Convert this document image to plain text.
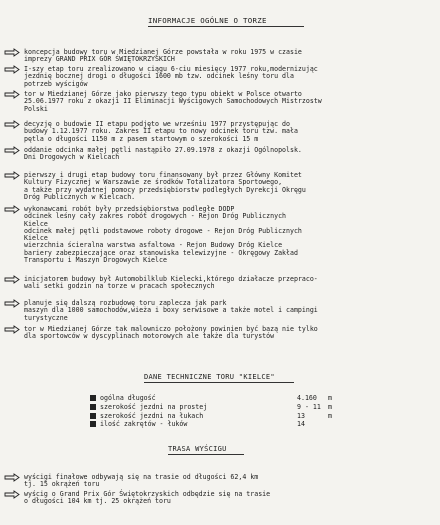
INFORMACJE OGÓLNE O TORZE
koncepcja budowy toru w Miedzianej Górze powstała w roku 1975 w czasie
imprezy GRAND PRIX GÓR ŚWIĘTOKRZYSKICH
I-szy etap toru zrealizowano w ciągu 6-ciu miesięcy 1977 roku,modernizując
jezdnię bocznej drogi o długości 1600 mb tzw. odcinek leśny toru dla
potrzeb wyścigów
tor w Miedzianej Górze jako pierwszy tego typu obiekt w Polsce otwarto
25.06.1977 roku z okazji II Eliminacji Wyścigowych Samochodowych Mistrzostw
Polski
decyzję o budowie II etapu podjęto we wrześniu 1977 przystępując do
budowy 1.12.1977 roku. Zakres II etapu to nowy odcinek toru tzw. mała
pętla o długości 1150 m z pasem startowym o szerokości 15 m
oddanie odcinka małej pętli nastąpiło 27.09.1978 z okazji Ogólnopolsk.
Dni Drogowych w Kielcach
pierwszy i drugi etap budowy toru finansowany był przez Główny Komitet
Kultury Fizycznej w Warszawie ze środków Totalizatora Sportowego,
a także przy wydatnej pomocy przedsiębiorstw podległych Dyrekcji Okręgu
Dróg Publicznych w Kielcach.
wykonawcami robót były przedsiębiorstwa podległe DODP
odcinek leśny cały zakres robót drogowych - Rejon Dróg Publicznych
Kielce
odcinek małej pętli podstawowe roboty drogowe - Rejon Dróg Publicznych
Kielce
wierzchnia ścieralna warstwa asfaltowa - Rejon Budowy Dróg Kielce
bariery zabezpieczające oraz stanowiska telewizyjne - Okręgowy Zakład
Transportu i Maszyn Drogowych Kielce
inicjatorem budowy był Automobilklub Kielecki,którego działacze przepraco-
wali setki godzin na torze w pracach społecznych
planuje się dalszą rozbudowę toru zaplecza jak park
maszyn dla 1000 samochodów,wieża i boxy serwisowe a także motel i campingi
turystyczne
tor w Miedzianej Górze tak malowniczo położony powinien być bazą nie tylko
dla sportowców w dyscyplinach motorowych ale także dla turystów
DANE TECHNICZNE TORU "KIELCE"
ogólna długość	4.160 m
szerokość jezdni na prostej	9 - 11 m
szerokość jezdni na łukach	13	m
ilość zakrętów - łuków	14
TRASA WYŚCIGU
wyścigi finałowe odbywają się na trasie od długości 62,4 km
tj. 15 okrążeń toru
wyścig o Grand Prix Gór Świętokrzyskich odbędzie się na trasie
o długości 104 km tj. 25 okrążeń toru
